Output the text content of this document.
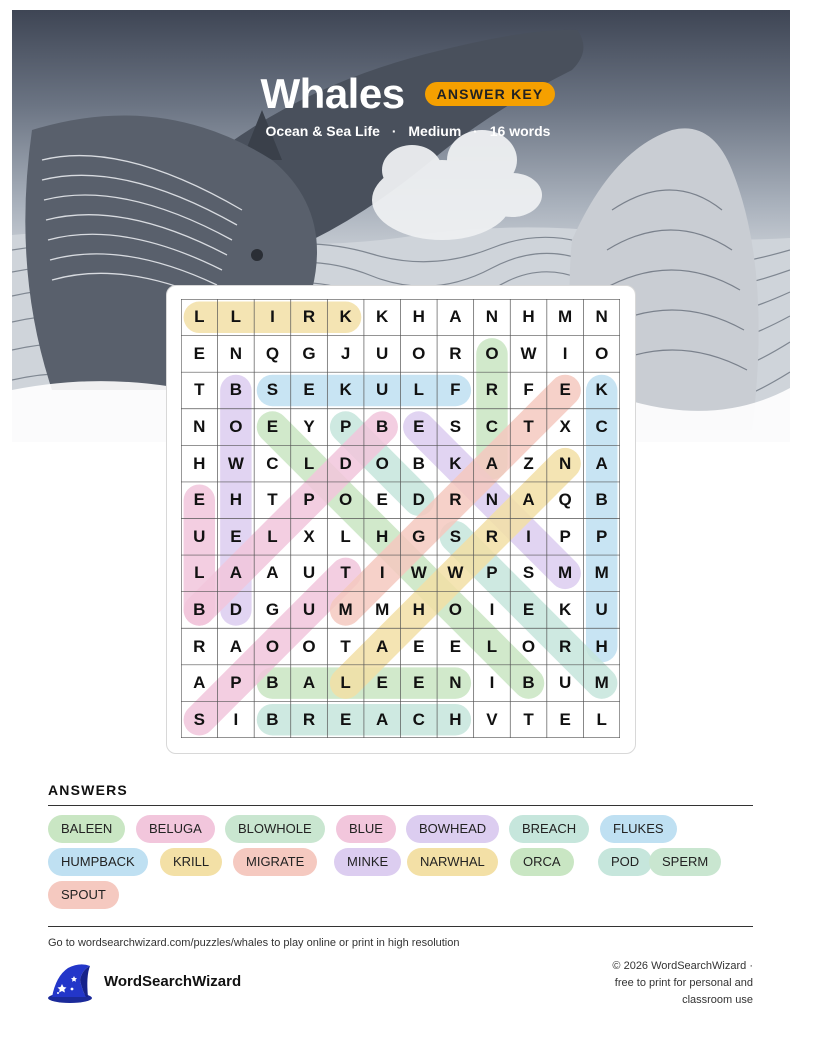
Whales ANSWER KEY
Ocean & Sea Life · Medium · 16 words
L	L	I	R	K	K	H	A	N	H	M	N
E	N	Q	G	J	U	O	R	O	W	I	O
T	B	S	E	K	U	L	F	R	F	E	K
N	O	E	Y	P	B	E	S	C	T	X	C
H	W	C	L	D	O	B	K	A	Z	N	A
E	H	T	P	O	E	D	R	N	A	Q	B
U	E	L	X	L	H	G	S	R	I	P	P
L	A	A	U	T	I	W	W	P	S	M	M
B	D	G	U	M	M	H	O	I	E	K	U
R	A	O	O	T	A	E	E	L	O	R	H
A	P	B	A	L	E	E	N	I	B	U	M
S	I	B	R	E	A	C	H	V	T	E	L
ANSWERS
BALEEN	BELUGA	BLOWHOLE	BLUE	BOWHEAD	BREACH	FLUKES
HUMPBACK	KRILL	MIGRATE	MINKE	NARWHAL	ORCA	POD	SPERM
SPOUT
Go to wordsearchwizard.com/puzzles/whales to play online or print in high resolution
WordSearchWizard
© 2026 WordSearchWizard ·
free to print for personal and
classroom use
